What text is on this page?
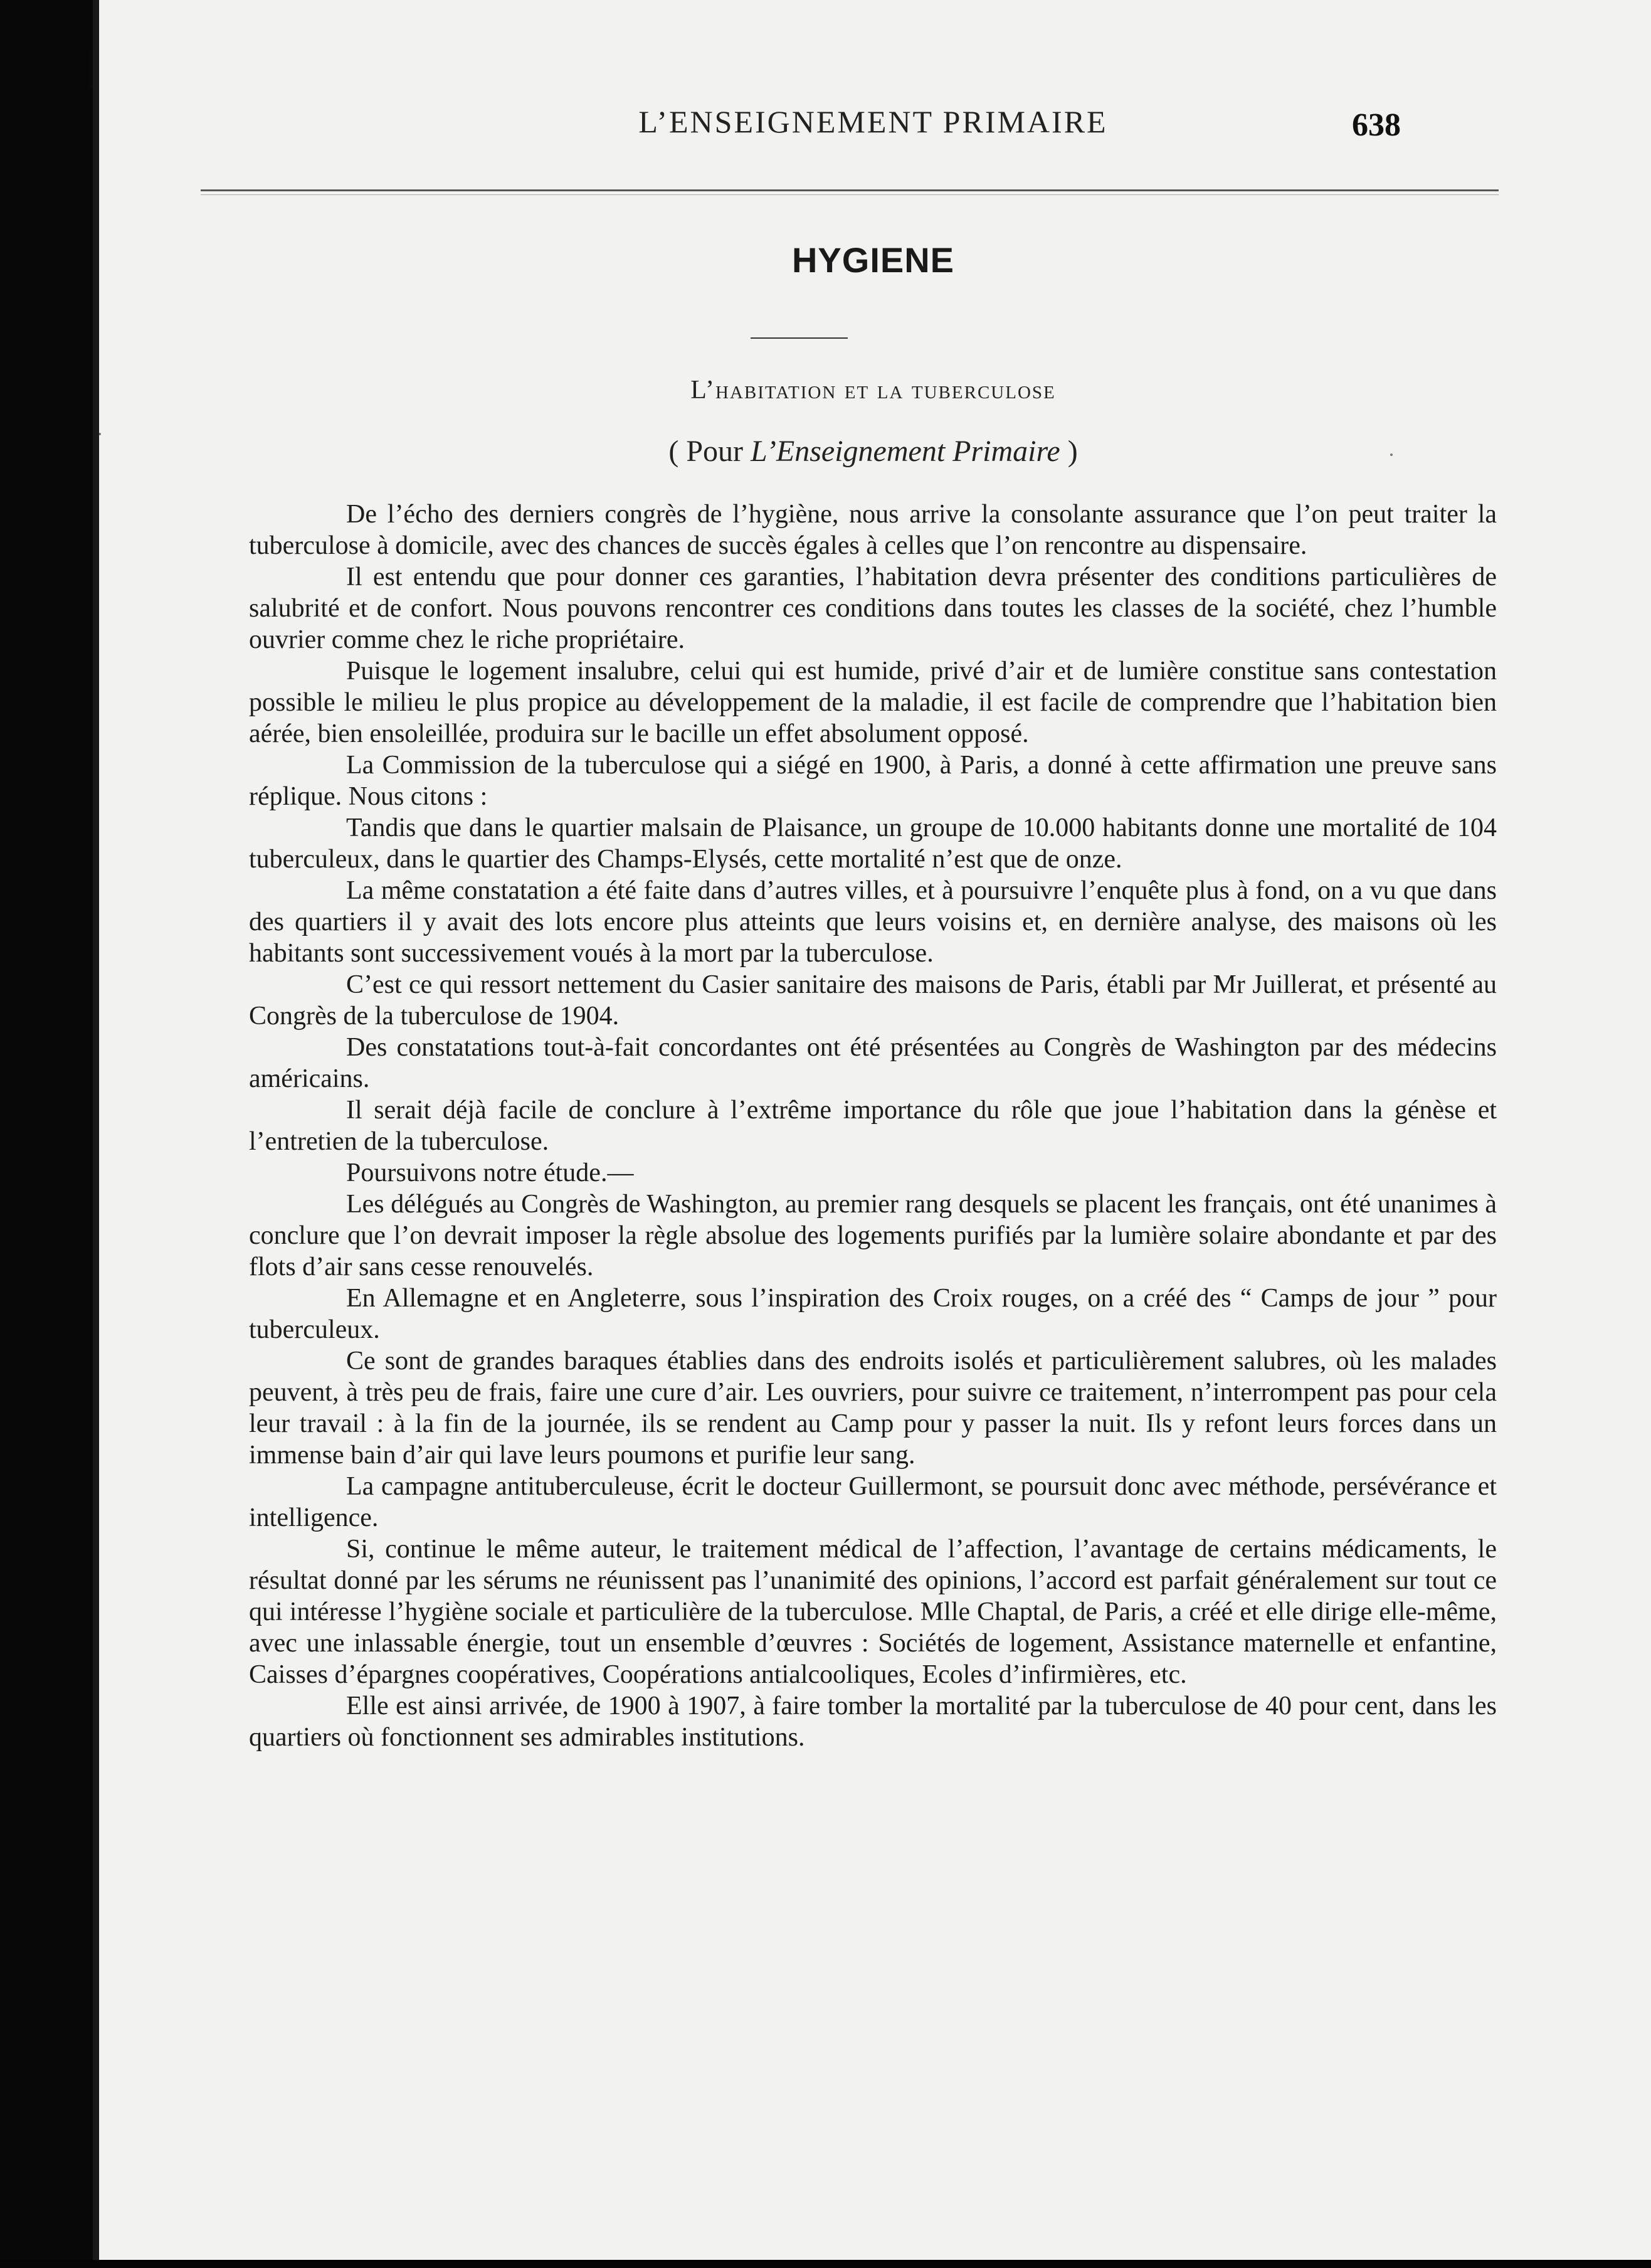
L’ENSEIGNEMENT PRIMAIRE	638
HYGIENE
L’habitation et la tuberculose
( Pour L’Enseignement Primaire )

De l’écho des derniers congrès de l’hygiène, nous arrive la consolante assurance que l’on peut traiter la tuberculose à domicile, avec des chances de succès égales à celles que l’on rencontre au dispensaire.

Il est entendu que pour donner ces garanties, l’habitation devra présenter des conditions particulières de salubrité et de confort. Nous pouvons rencontrer ces conditions dans toutes les classes de la société, chez l’humble ouvrier comme chez le riche propriétaire.

Puisque le logement insalubre, celui qui est humide, privé d’air et de lumière constitue sans contestation possible le milieu le plus propice au développement de la maladie, il est facile de comprendre que l’habitation bien aérée, bien ensoleillée, produira sur le bacille un effet absolument opposé.

La Commission de la tuberculose qui a siégé en 1900, à Paris, a donné à cette affirmation une preuve sans réplique. Nous citons :

Tandis que dans le quartier malsain de Plaisance, un groupe de 10.000 habitants donne une mortalité de 104 tuberculeux, dans le quartier des Champs-Elysés, cette mortalité n’est que de onze.

La même constatation a été faite dans d’autres villes, et à poursuivre l’enquête plus à fond, on a vu que dans des quartiers il y avait des lots encore plus atteints que leurs voisins et, en dernière analyse, des maisons où les habitants sont successivement voués à la mort par la tuberculose.

C’est ce qui ressort nettement du Casier sanitaire des maisons de Paris, établi par Mr Juillerat, et présenté au Congrès de la tuberculose de 1904.

Des constatations tout-à-fait concordantes ont été présentées au Congrès de Washington par des médecins américains.

Il serait déjà facile de conclure à l’extrême importance du rôle que joue l’habitation dans la génèse et l’entretien de la tuberculose.

Poursuivons notre étude.—

Les délégués au Congrès de Washington, au premier rang desquels se placent les français, ont été unanimes à conclure que l’on devrait imposer la règle absolue des logements purifiés par la lumière solaire abondante et par des flots d’air sans cesse renouvelés.

En Allemagne et en Angleterre, sous l’inspiration des Croix rouges, on a créé des “ Camps de jour ” pour tuberculeux.

Ce sont de grandes baraques établies dans des endroits isolés et particulièrement salubres, où les malades peuvent, à très peu de frais, faire une cure d’air. Les ouvriers, pour suivre ce traitement, n’interrompent pas pour cela leur travail : à la fin de la journée, ils se rendent au Camp pour y passer la nuit. Ils y refont leurs forces dans un immense bain d’air qui lave leurs poumons et purifie leur sang.

La campagne antituberculeuse, écrit le docteur Guillermont, se poursuit donc avec méthode, persévérance et intelligence.

Si, continue le même auteur, le traitement médical de l’affection, l’avantage de certains médicaments, le résultat donné par les sérums ne réunissent pas l’unanimité des opinions, l’accord est parfait généralement sur tout ce qui intéresse l’hygiène sociale et particulière de la tuberculose. Mlle Chaptal, de Paris, a créé et elle dirige elle-même, avec une inlassable énergie, tout un ensemble d’œuvres : Sociétés de logement, Assistance maternelle et enfantine, Caisses d’épargnes coopératives, Coopérations antialcooliques, Ecoles d’infirmières, etc.

Elle est ainsi arrivée, de 1900 à 1907, à faire tomber la mortalité par la tuberculose de 40 pour cent, dans les quartiers où fonctionnent ses admirables institutions.
